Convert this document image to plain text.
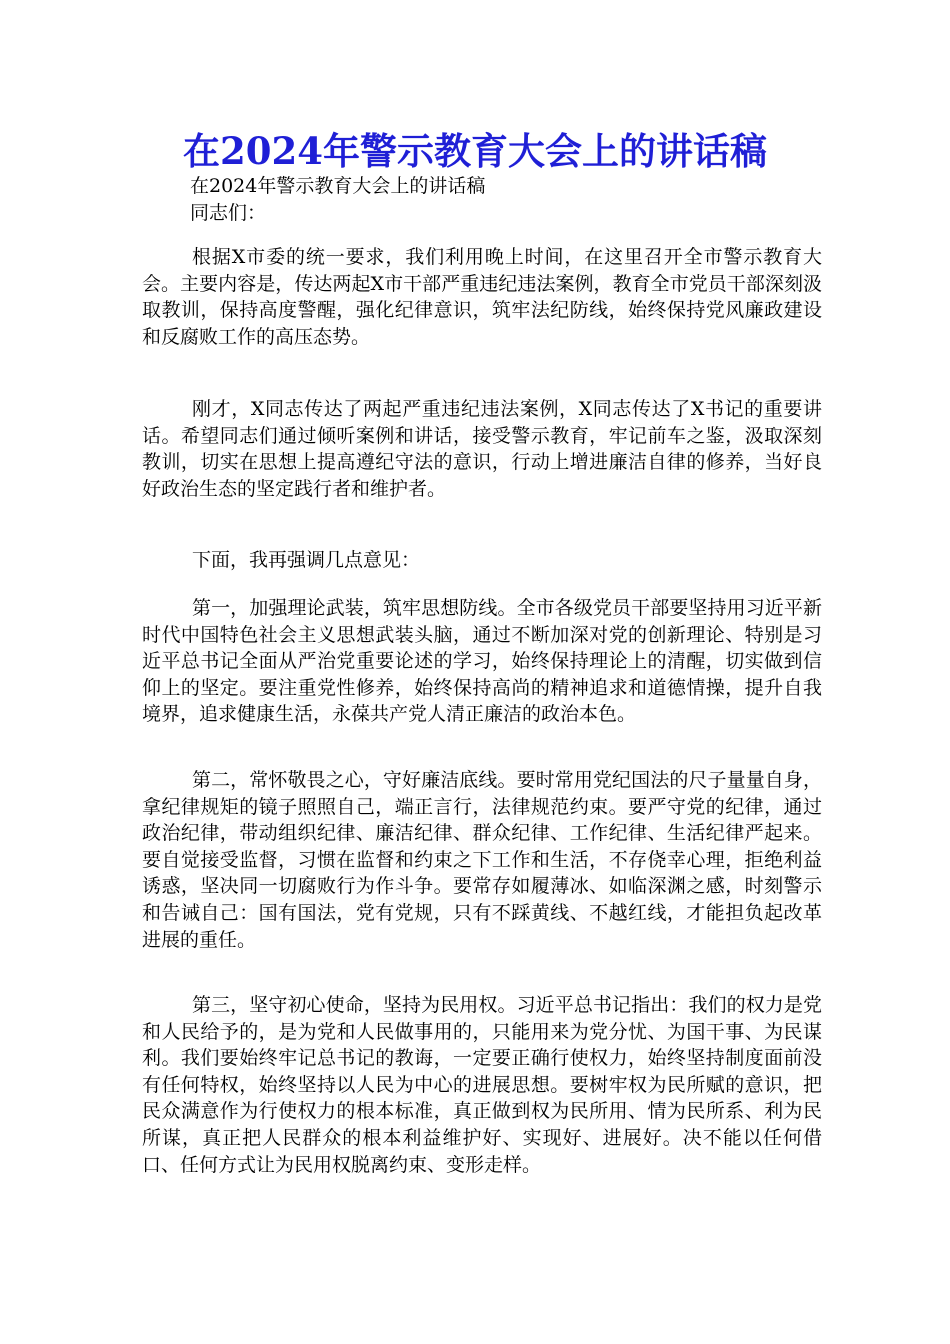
在2024年警示教育大会上的讲话稿
在2024年警示教育大会上的讲话稿
同志们：

根据X市委的统一要求，我们利用晚上时间，在这里召开全市警示教育大会。主要内容是，传达两起X市干部严重违纪违法案例，教育全市党员干部深刻汲取教训，保持高度警醒，强化纪律意识，筑牢法纪防线，始终保持党风廉政建设和反腐败工作的高压态势。

刚才，X同志传达了两起严重违纪违法案例，X同志传达了X书记的重要讲话。希望同志们通过倾听案例和讲话，接受警示教育，牢记前车之鉴，汲取深刻教训，切实在思想上提高遵纪守法的意识，行动上增进廉洁自律的修养，当好良好政治生态的坚定践行者和维护者。

下面，我再强调几点意见：

第一，加强理论武装，筑牢思想防线。全市各级党员干部要坚持用习近平新时代中国特色社会主义思想武装头脑，通过不断加深对党的创新理论、特别是习近平总书记全面从严治党重要论述的学习，始终保持理论上的清醒，切实做到信仰上的坚定。要注重党性修养，始终保持高尚的精神追求和道德情操，提升自我境界，追求健康生活，永葆共产党人清正廉洁的政治本色。

第二，常怀敬畏之心，守好廉洁底线。要时常用党纪国法的尺子量量自身，拿纪律规矩的镜子照照自己，端正言行，法律规范约束。要严守党的纪律，通过政治纪律，带动组织纪律、廉洁纪律、群众纪律、工作纪律、生活纪律严起来。要自觉接受监督，习惯在监督和约束之下工作和生活，不存侥幸心理，拒绝利益诱惑，坚决同一切腐败行为作斗争。要常存如履薄冰、如临深渊之感，时刻警示和告诫自己：国有国法，党有党规，只有不踩黄线、不越红线，才能担负起改革进展的重任。

第三，坚守初心使命，坚持为民用权。习近平总书记指出：我们的权力是党和人民给予的，是为党和人民做事用的，只能用来为党分忧、为国干事、为民谋利。我们要始终牢记总书记的教诲，一定要正确行使权力，始终坚持制度面前没有任何特权，始终坚持以人民为中心的进展思想。要树牢权为民所赋的意识，把民众满意作为行使权力的根本标准，真正做到权为民所用、情为民所系、利为民所谋，真正把人民群众的根本利益维护好、实现好、进展好。决不能以任何借口、任何方式让为民用权脱离约束、变形走样。
